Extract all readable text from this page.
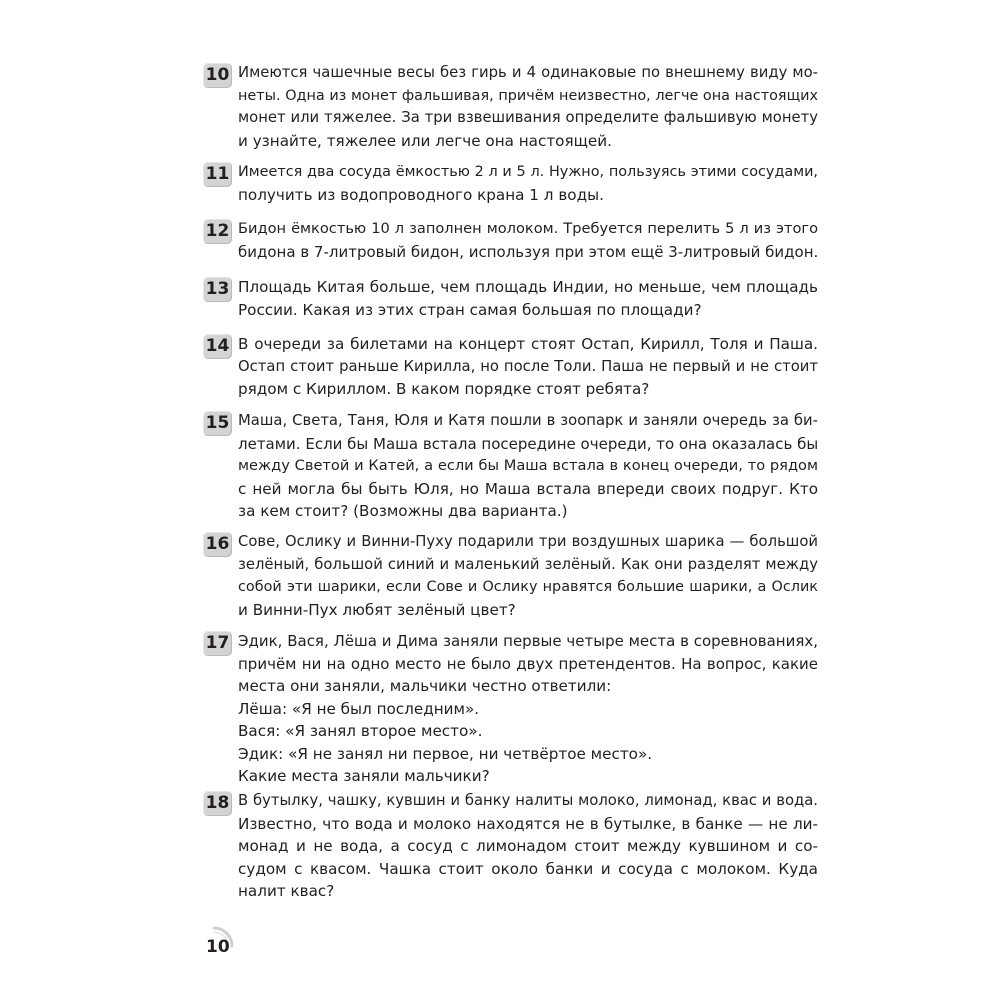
10 Имеются чашечные весы без гирь и 4 одинаковые по внешнему виду мо-
неты. Одна из монет фальшивая, причём неизвестно, легче она настоящих
монет или тяжелее. За три взвешивания определите фальшивую монету
и узнайте, тяжелее или легче она настоящей.
11 Имеется два сосуда ёмкостью 2 л и 5 л. Нужно, пользуясь этими сосудами,
получить из водопроводного крана 1 л воды.
12 Бидон ёмкостью 10 л заполнен молоком. Требуется перелить 5 л из этого
бидона в 7-литровый бидон, используя при этом ещё 3-литровый бидон.
13 Площадь Китая больше, чем площадь Индии, но меньше, чем площадь
России. Какая из этих стран самая большая по площади?
14 В очереди за билетами на концерт стоят Остап, Кирилл, Толя и Паша.
Остап стоит раньше Кирилла, но после Толи. Паша не первый и не стоит
рядом с Кириллом. В каком порядке стоят ребята?
15 Маша, Света, Таня, Юля и Катя пошли в зоопарк и заняли очередь за би-
летами. Если бы Маша встала посередине очереди, то она оказалась бы
между Светой и Катей, а если бы Маша встала в конец очереди, то рядом
с ней могла бы быть Юля, но Маша встала впереди своих подруг. Кто
за кем стоит? (Возможны два варианта.)
16 Сове, Ослику и Винни-Пуху подарили три воздушных шарика — большой
зелёный, большой синий и маленький зелёный. Как они разделят между
собой эти шарики, если Сове и Ослику нравятся большие шарики, а Ослик
и Винни-Пух любят зелёный цвет?
17 Эдик, Вася, Лёша и Дима заняли первые четыре места в соревнованиях,
причём ни на одно место не было двух претендентов. На вопрос, какие
места они заняли, мальчики честно ответили:
Лёша: «Я не был последним».
Вася: «Я занял второе место».
Эдик: «Я не занял ни первое, ни четвёртое место».
Какие места заняли мальчики?
18 В бутылку, чашку, кувшин и банку налиты молоко, лимонад, квас и вода.
Известно, что вода и молоко находятся не в бутылке, в банке — не ли-
монад и не вода, а сосуд с лимонадом стоит между кувшином и со-
судом с квасом. Чашка стоит около банки и сосуда с молоком. Куда
налит квас?
10
